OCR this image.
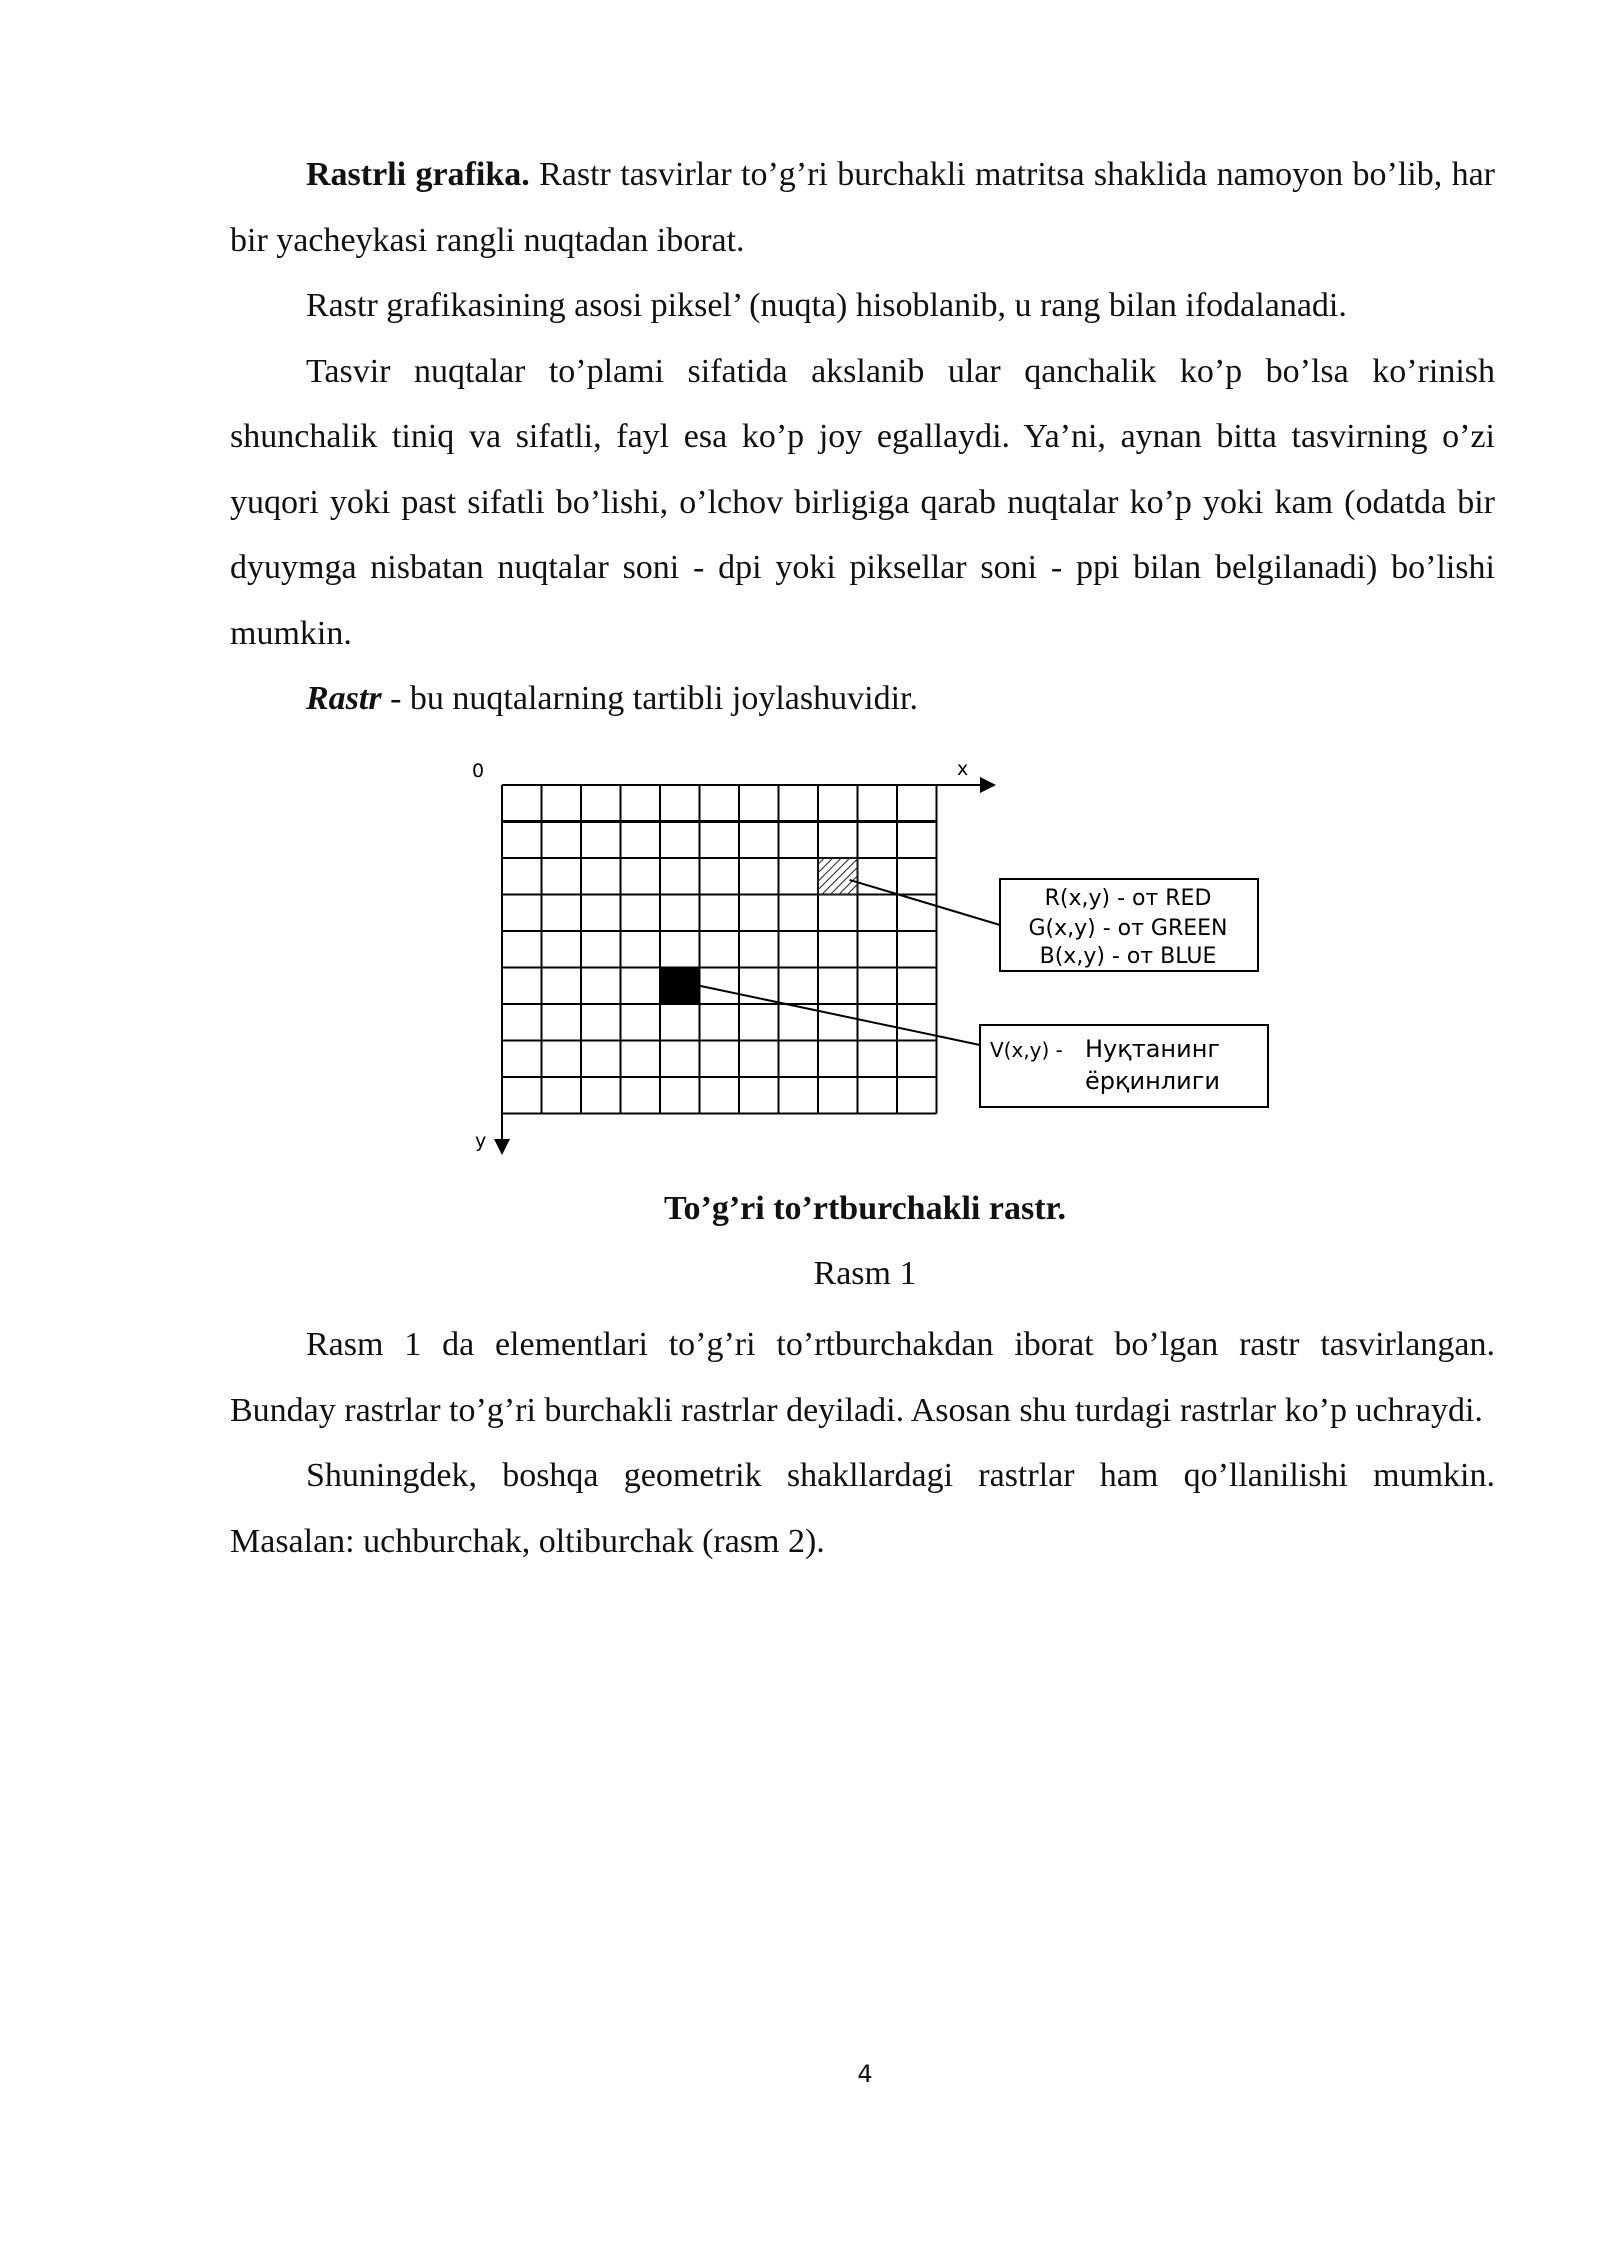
Rastrli grafika. Rastr tasvirlar to’g’ri burchakli matritsa shaklida namoyon bo’lib, har bir yacheykasi rangli nuqtadan iborat.

Rastr grafikasining asosi piksel’ (nuqta) hisoblanib, u rang bilan ifodalanadi.

Tasvir nuqtalar to’plami sifatida akslanib ular qanchalik ko’p bo’lsa ko’rinish shunchalik tiniq va sifatli, fayl esa ko’p joy egallaydi. Ya’ni, aynan bitta tasvirning o’zi yuqori yoki past sifatli bo’lishi, o’lchov birligiga qarab nuqtalar ko’p yoki kam (odatda bir dyuymga nisbatan nuqtalar soni - dpi yoki piksellar soni - ppi bilan belgilanadi) bo’lishi mumkin.

Rastr - bu nuqtalarning tartibli joylashuvidir.

0	x
y
R(x,y) - от RED
G(x,y) - от GREEN
B(x,y) - от BLUE
V(x,y) - Нуқтанинг
ёрқинлиги
To’g’ri to’rtburchakli rastr.
Rasm 1

Rasm 1 da elementlari to’g’ri to’rtburchakdan iborat bo’lgan rastr tasvirlangan. Bunday rastrlar to’g’ri burchakli rastrlar deyiladi. Asosan shu turdagi rastrlar ko’p uchraydi.

Shuningdek, boshqa geometrik shakllardagi rastrlar ham qo’llanilishi mumkin. Masalan: uchburchak, oltiburchak (rasm 2).

4
